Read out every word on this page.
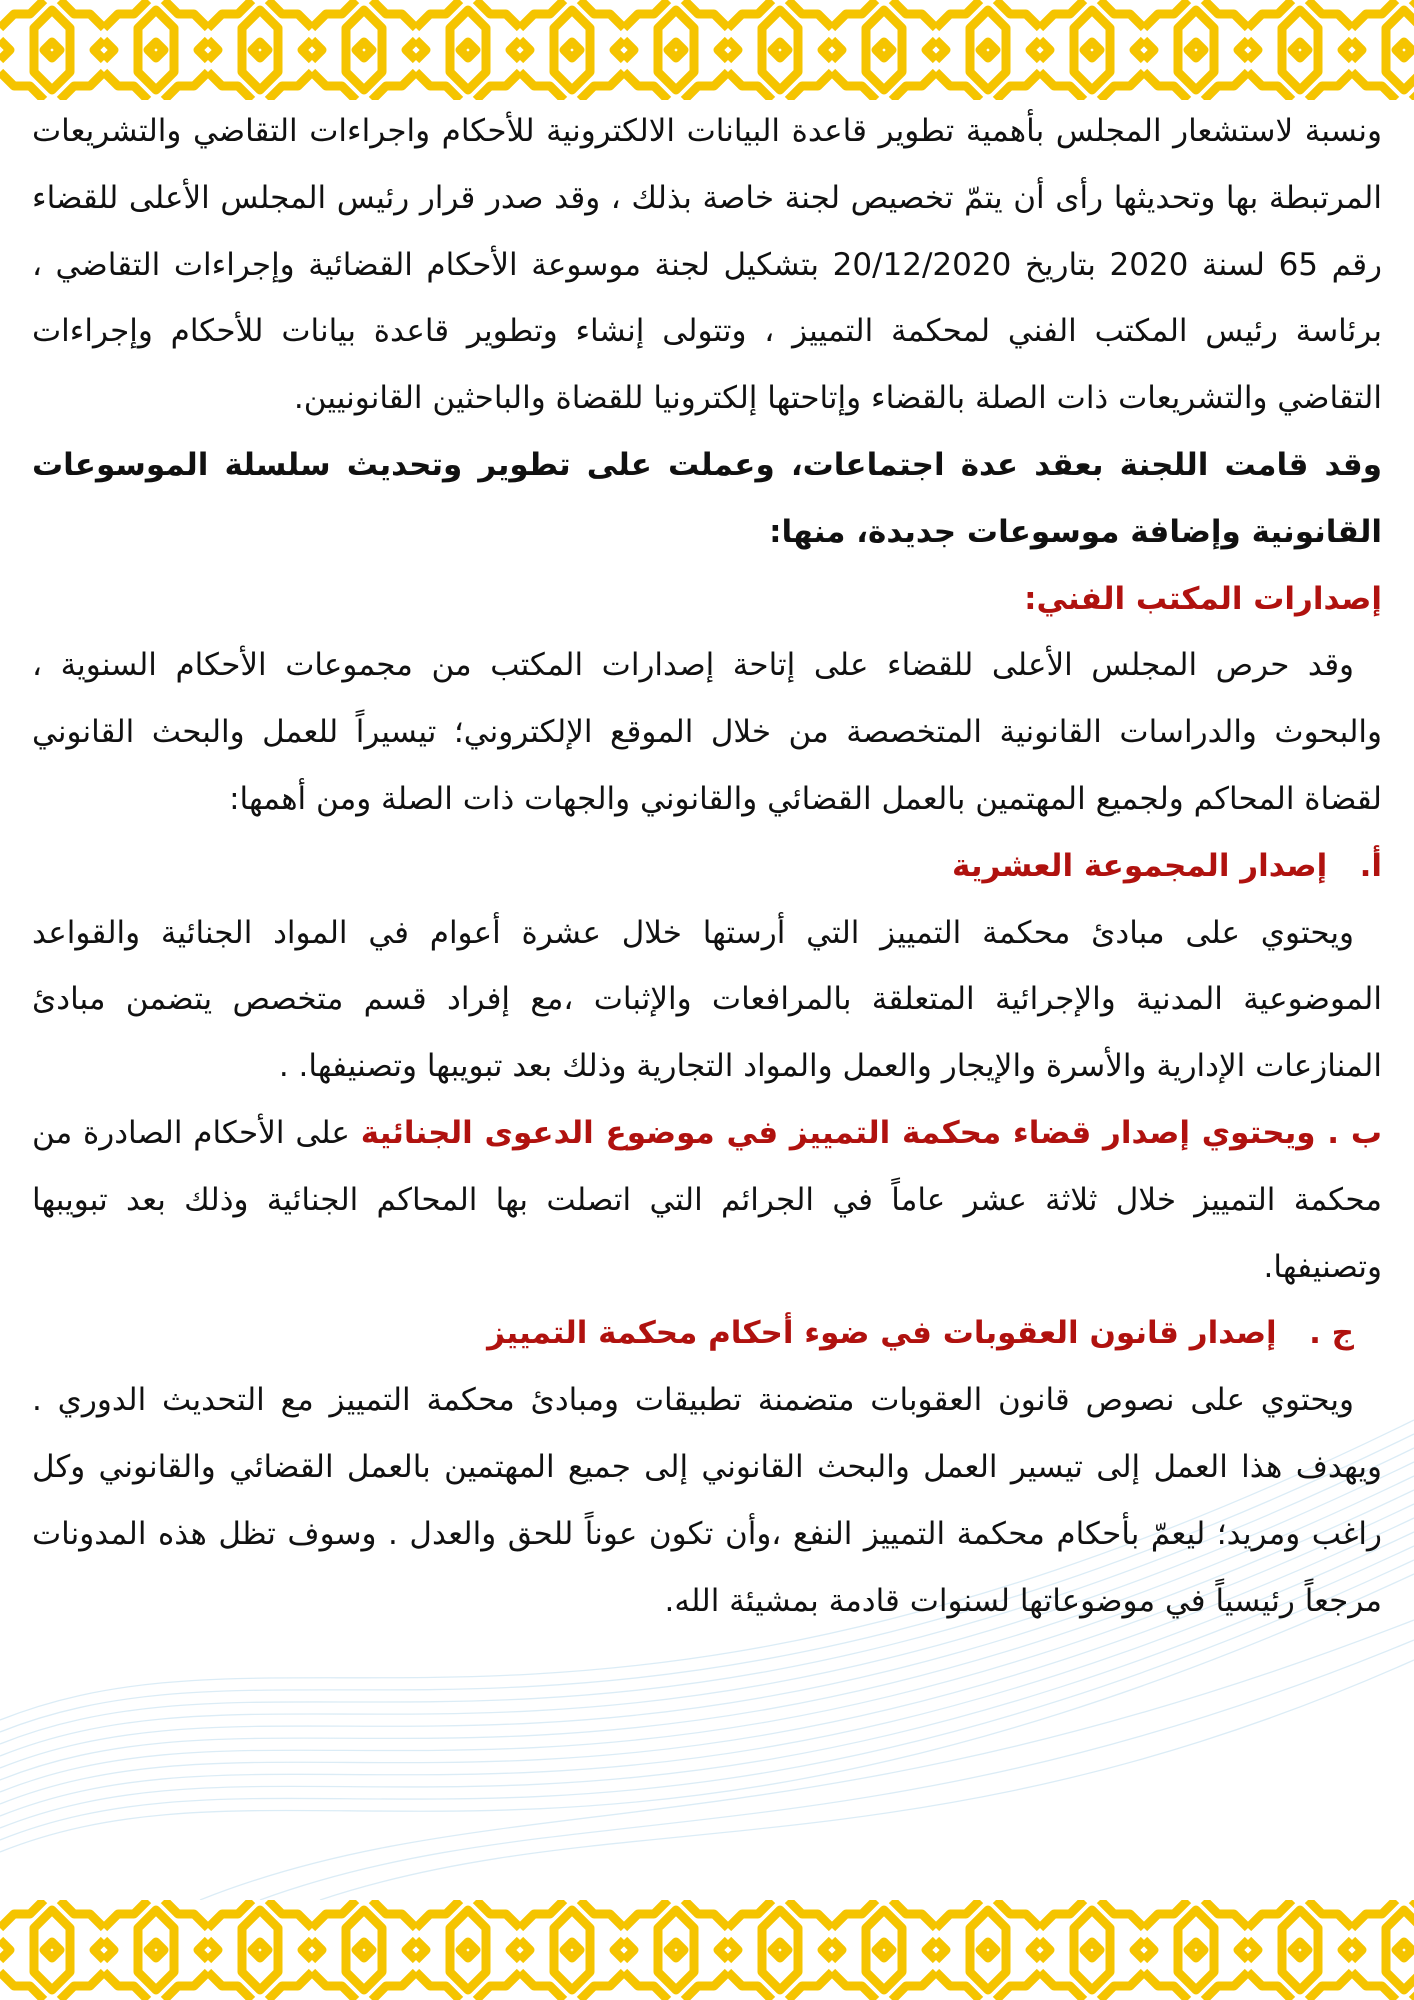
ونسبة لاستشعار المجلس بأهمية تطوير قاعدة البيانات الالكترونية للأحكام واجراءات التقاضي والتشريعات المرتبطة بها وتحديثها رأى أن يتمّ تخصيص لجنة خاصة بذلك ، وقد صدر قرار رئيس المجلس الأعلى للقضاء رقم 65 لسنة 2020 بتاريخ 20/12/2020 بتشكيل لجنة موسوعة الأحكام القضائية وإجراءات التقاضي ، برئاسة رئيس المكتب الفني لمحكمة التمييز ، وتتولى إنشاء وتطوير قاعدة بيانات للأحكام وإجراءات التقاضي والتشريعات ذات الصلة بالقضاء وإتاحتها إلكترونيا للقضاة والباحثين القانونيين.

وقد قامت اللجنة بعقد عدة اجتماعات، وعملت على تطوير وتحديث سلسلة الموسوعات القانونية وإضافة موسوعات جديدة، منها:

إصدارات المكتب الفني:

وقد حرص المجلس الأعلى للقضاء على إتاحة إصدارات المكتب من مجموعات الأحكام السنوية ، والبحوث والدراسات القانونية المتخصصة من خلال الموقع الإلكتروني؛ تيسيراً للعمل والبحث القانوني لقضاة المحاكم ولجميع المهتمين بالعمل القضائي والقانوني والجهات ذات الصلة ومن أهمها:

أ.   إصدار المجموعة العشرية

ويحتوي على مبادئ محكمة التمييز التي أرستها خلال عشرة أعوام في المواد الجنائية والقواعد الموضوعية المدنية والإجرائية المتعلقة بالمرافعات والإثبات ،مع إفراد قسم متخصص يتضمن مبادئ المنازعات الإدارية والأسرة والإيجار والعمل والمواد التجارية وذلك بعد تبويبها وتصنيفها. .

ب . ويحتوي إصدار قضاء محكمة التمييز في موضوع الدعوى الجنائية على الأحكام الصادرة من محكمة التمييز خلال ثلاثة عشر عاماً في الجرائم التي اتصلت بها المحاكم الجنائية وذلك بعد تبويبها وتصنيفها.

ج .   إصدار قانون العقوبات في ضوء أحكام محكمة التمييز

ويحتوي على نصوص قانون العقوبات متضمنة تطبيقات ومبادئ محكمة التمييز مع التحديث الدوري . ويهدف هذا العمل إلى تيسير العمل والبحث القانوني إلى جميع المهتمين بالعمل القضائي والقانوني وكل راغب ومريد؛ ليعمّ بأحكام محكمة التمييز النفع ،وأن تكون عوناً للحق والعدل . وسوف تظل هذه المدونات مرجعاً رئيسياً في موضوعاتها لسنوات قادمة بمشيئة الله.
